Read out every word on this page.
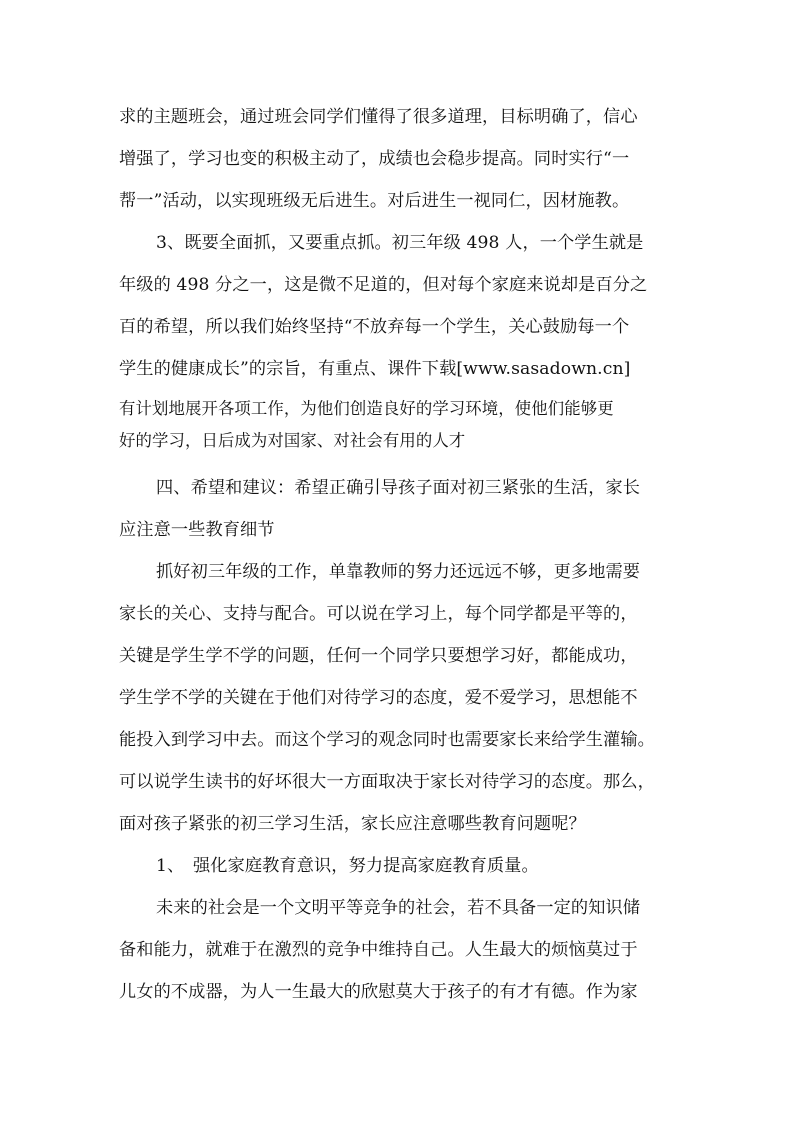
求的主题班会，通过班会同学们懂得了很多道理，目标明确了，信心
增强了，学习也变的积极主动了，成绩也会稳步提高。同时实行“一
帮一”活动，以实现班级无后进生。对后进生一视同仁，因材施教。
3、既要全面抓，又要重点抓。初三年级 498 人，一个学生就是
年级的 498 分之一，这是微不足道的，但对每个家庭来说却是百分之
百的希望，所以我们始终坚持“不放弃每一个学生，关心鼓励每一个
学生的健康成长”的宗旨，有重点、课件下载[www.sasadown.cn]
有计划地展开各项工作，为他们创造良好的学习环境，使他们能够更
好的学习，日后成为对国家、对社会有用的人才
四、希望和建议：希望正确引导孩子面对初三紧张的生活，家长
应注意一些教育细节
抓好初三年级的工作，单靠教师的努力还远远不够，更多地需要
家长的关心、支持与配合。可以说在学习上，每个同学都是平等的，
关键是学生学不学的问题，任何一个同学只要想学习好，都能成功，
学生学不学的关键在于他们对待学习的态度，爱不爱学习，思想能不
能投入到学习中去。而这个学习的观念同时也需要家长来给学生灌输。
可以说学生读书的好坏很大一方面取决于家长对待学习的态度。那么，
面对孩子紧张的初三学习生活，家长应注意哪些教育问题呢？
1、　强化家庭教育意识，努力提高家庭教育质量。
未来的社会是一个文明平等竞争的社会，若不具备一定的知识储
备和能力，就难于在激烈的竞争中维持自己。人生最大的烦恼莫过于
儿女的不成器，为人一生最大的欣慰莫大于孩子的有才有德。作为家
